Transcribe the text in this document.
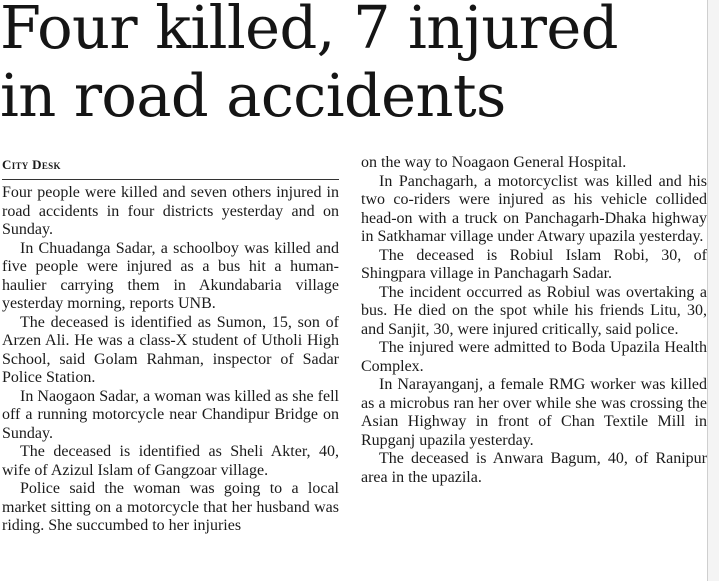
Four killed, 7 injured
in road accidents
City Desk

Four people were killed and seven others injured in road accidents in four districts yesterday and on Sunday.

In Chuadanga Sadar, a schoolboy was killed and five people were injured as a bus hit a human-haulier carrying them in Akundabaria village yesterday morning, reports UNB.

The deceased is identified as Sumon, 15, son of Arzen Ali. He was a class-X student of Utholi High School, said Golam Rahman, inspector of Sadar Police Station.

In Naogaon Sadar, a woman was killed as she fell off a running motorcycle near Chandipur Bridge on Sunday.

The deceased is identified as Sheli Akter, 40, wife of Azizul Islam of Gangzoar village.

Police said the woman was going to a local market sitting on a motorcycle that her husband was riding. She succumbed to her injuries

on the way to Noagaon General Hospital.

In Panchagarh, a motorcyclist was killed and his two co-riders were injured as his vehicle collided head-on with a truck on Panchagarh-Dhaka highway in Satkhamar village under Atwary upazila yesterday.

The deceased is Robiul Islam Robi, 30, of Shingpara village in Panchagarh Sadar.

The incident occurred as Robiul was overtaking a bus. He died on the spot while his friends Litu, 30, and Sanjit, 30, were injured critically, said police.

The injured were admitted to Boda Upazila Health Complex.

In Narayanganj, a female RMG worker was killed as a microbus ran her over while she was crossing the Asian Highway in front of Chan Textile Mill in Rupganj upazila yesterday.

The deceased is Anwara Bagum, 40, of Ranipur area in the upazila.
